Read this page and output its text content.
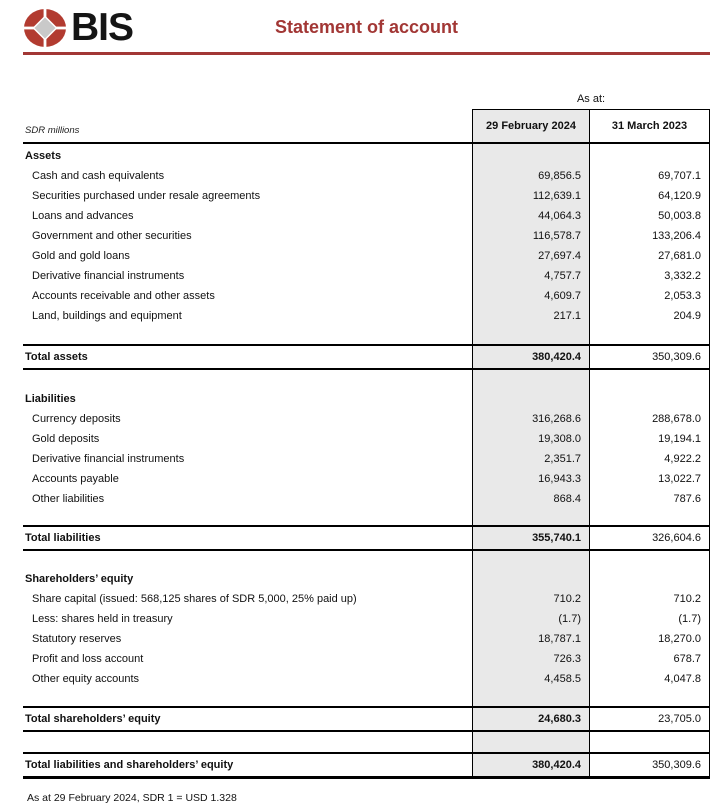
BIS	Statement of account
As at:
SDR millions	29 February 2024	31 March 2023
Assets
Cash and cash equivalents	69,856.5	69,707.1
Securities purchased under resale agreements	112,639.1	64,120.9
Loans and advances	44,064.3	50,003.8
Government and other securities	116,578.7	133,206.4
Gold and gold loans	27,697.4	27,681.0
Derivative financial instruments	4,757.7	3,332.2
Accounts receivable and other assets	4,609.7	2,053.3
Land, buildings and equipment	217.1	204.9
Total assets	380,420.4	350,309.6
Liabilities
Currency deposits	316,268.6	288,678.0
Gold deposits	19,308.0	19,194.1
Derivative financial instruments	2,351.7	4,922.2
Accounts payable	16,943.3	13,022.7
Other liabilities	868.4	787.6
Total liabilities	355,740.1	326,604.6
Shareholders’ equity
Share capital (issued: 568,125 shares of SDR 5,000, 25% paid up)	710.2	710.2
Less: shares held in treasury	(1.7)	(1.7)
Statutory reserves	18,787.1	18,270.0
Profit and loss account	726.3	678.7
Other equity accounts	4,458.5	4,047.8
Total shareholders’ equity	24,680.3	23,705.0
Total liabilities and shareholders’ equity	380,420.4	350,309.6
As at 29 February 2024, SDR 1 = USD 1.328
